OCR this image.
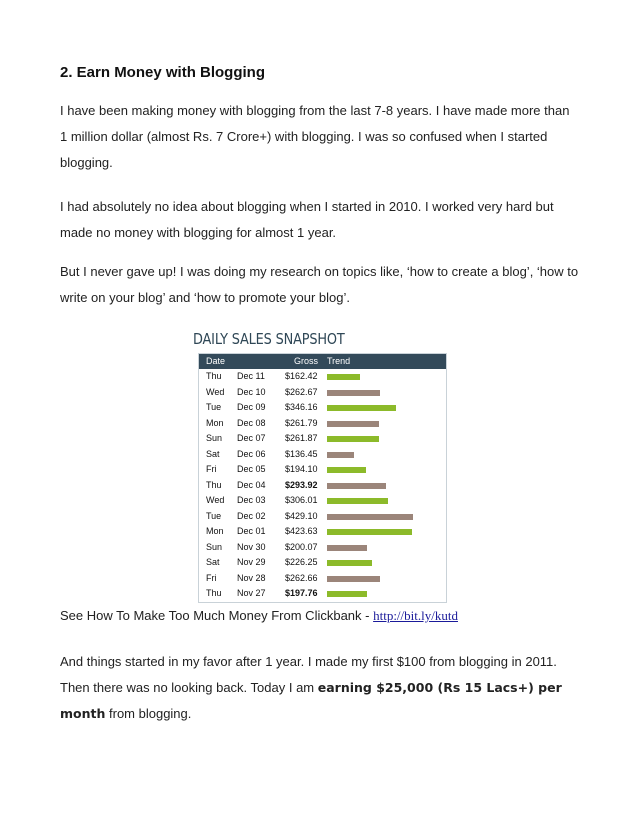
2. Earn Money with Blogging

I have been making money with blogging from the last 7-8 years. I have made more than 1 million dollar (almost Rs. 7 Crore+) with blogging. I was so confused when I started blogging.

I had absolutely no idea about blogging when I started in 2010. I worked very hard but made no money with blogging for almost 1 year.

But I never gave up! I was doing my research on topics like, ‘how to create a blog’, ‘how to write on your blog’ and ‘how to promote your blog’.

See How To Make Too Much Money From Clickbank - http://bit.ly/kutd

And things started in my favor after 1 year. I made my first $100 from blogging in 2011. Then there was no looking back. Today I am earning $25,000 (Rs 15 Lacs+) per month from blogging.

DAILY SALES SNAPSHOT
Date	Gross Trend
Thu Dec 11 $162.42
Wed Dec 10 $262.67
Tue Dec 09 $346.16
Mon Dec 08 $261.79
Sun Dec 07 $261.87
Sat Dec 06 $136.45
Fri Dec 05 $194.10
Thu Dec 04 $293.92
Wed Dec 03 $306.01
Tue Dec 02 $429.10
Mon Dec 01 $423.63
Sun Nov 30 $200.07
Sat Nov 29 $226.25
Fri Nov 28 $262.66
Thu Nov 27 $197.76
